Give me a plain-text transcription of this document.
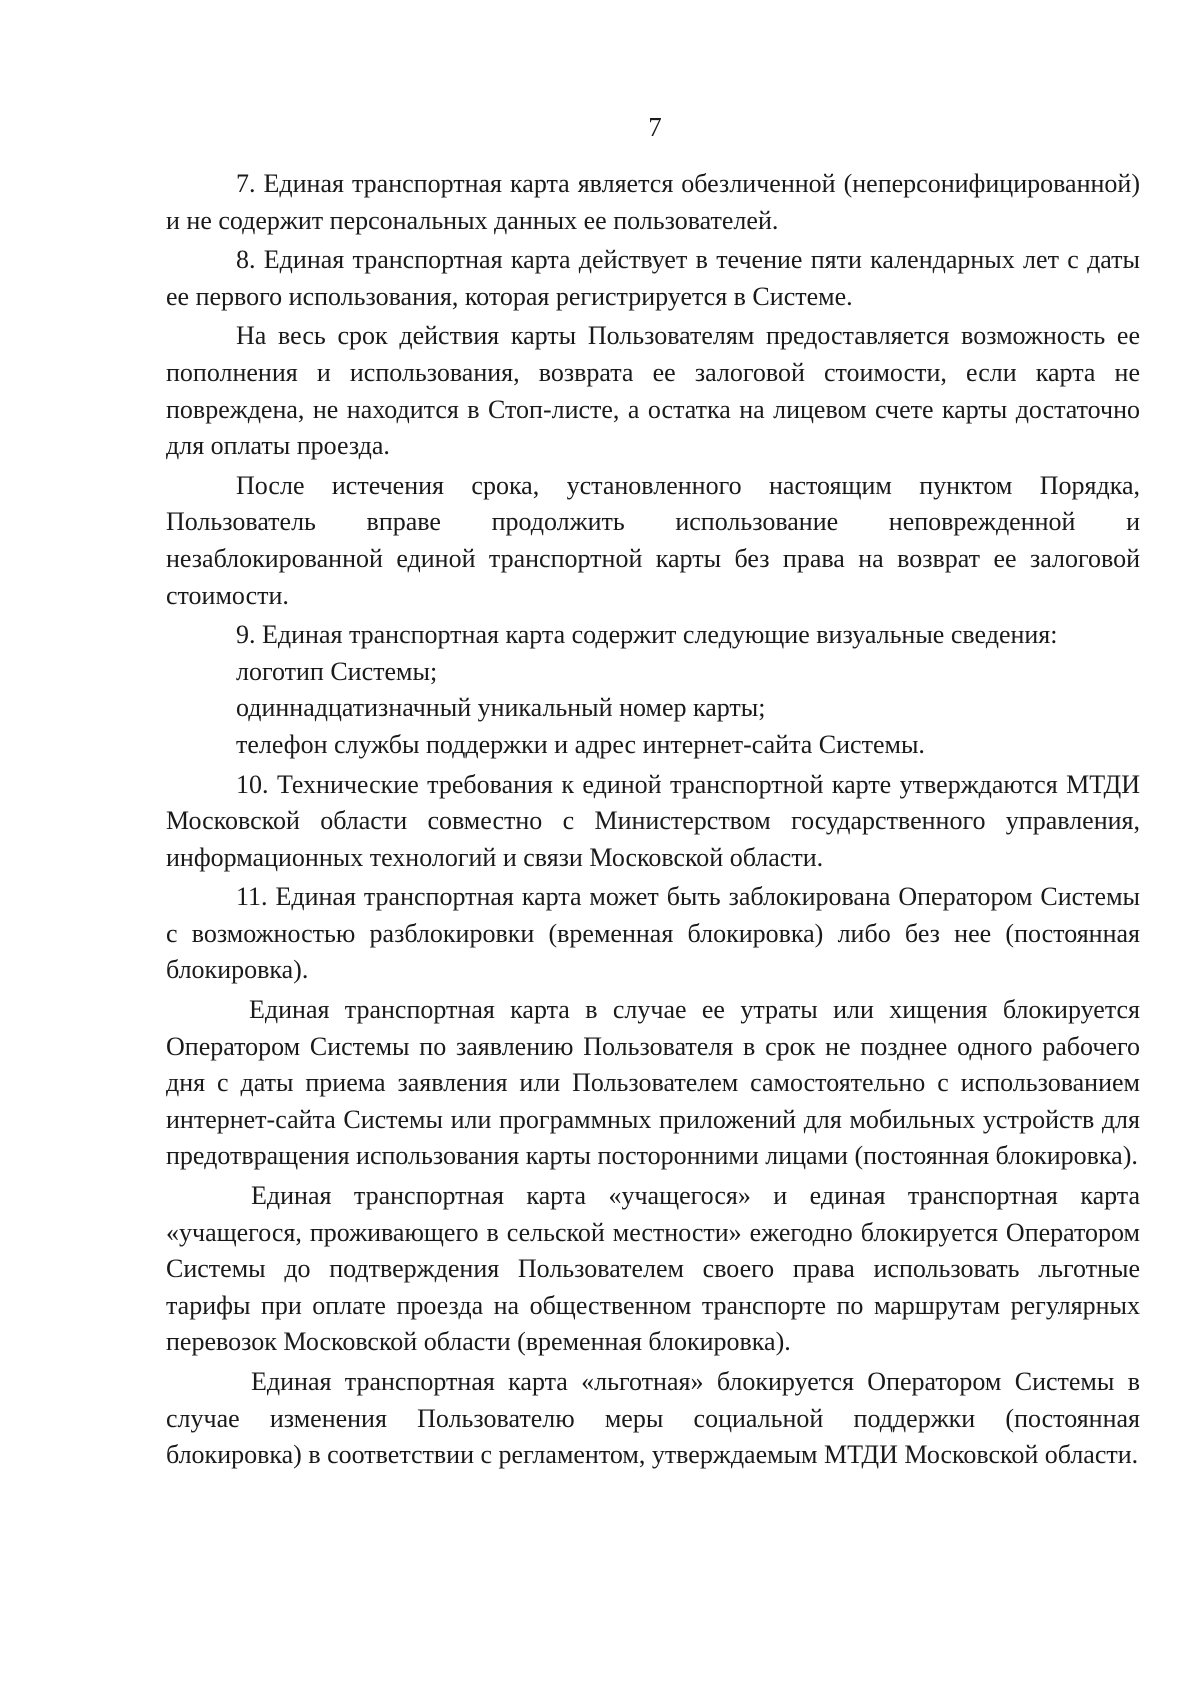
7

7. Единая транспортная карта является обезличенной (неперсонифицированной) и не содержит персональных данных ее пользователей.

8. Единая транспортная карта действует в течение пяти календарных лет с даты ее первого использования, которая регистрируется в Системе.

На весь срок действия карты Пользователям предоставляется возможность ее пополнения и использования, возврата ее залоговой стоимости, если карта не повреждена, не находится в Стоп-листе, а остатка на лицевом счете карты достаточно для оплаты проезда.

После истечения срока, установленного настоящим пунктом Порядка, Пользователь вправе продолжить использование неповрежденной и незаблокированной единой транспортной карты без права на возврат ее залоговой стоимости.

9. Единая транспортная карта содержит следующие визуальные сведения:

логотип Системы;

одиннадцатизначный уникальный номер карты;

телефон службы поддержки и адрес интернет-сайта Системы.

10. Технические требования к единой транспортной карте утверждаются МТДИ Московской области совместно с Министерством государственного управления, информационных технологий и связи Московской области.

11. Единая транспортная карта может быть заблокирована Оператором Системы с возможностью разблокировки (временная блокировка) либо без нее (постоянная блокировка).

Единая транспортная карта в случае ее утраты или хищения блокируется Оператором Системы по заявлению Пользователя в срок не позднее одного рабочего дня с даты приема заявления или Пользователем самостоятельно с использованием интернет-сайта Системы или программных приложений для мобильных устройств для предотвращения использования карты посторонними лицами (постоянная блокировка).

Единая транспортная карта «учащегося» и единая транспортная карта «учащегося, проживающего в сельской местности» ежегодно блокируется Оператором Системы до подтверждения Пользователем своего права использовать льготные тарифы при оплате проезда на общественном транспорте по маршрутам регулярных перевозок Московской области (временная блокировка).

Единая транспортная карта «льготная» блокируется Оператором Системы в случае изменения Пользователю меры социальной поддержки (постоянная блокировка) в соответствии с регламентом, утверждаемым МТДИ Московской области.
